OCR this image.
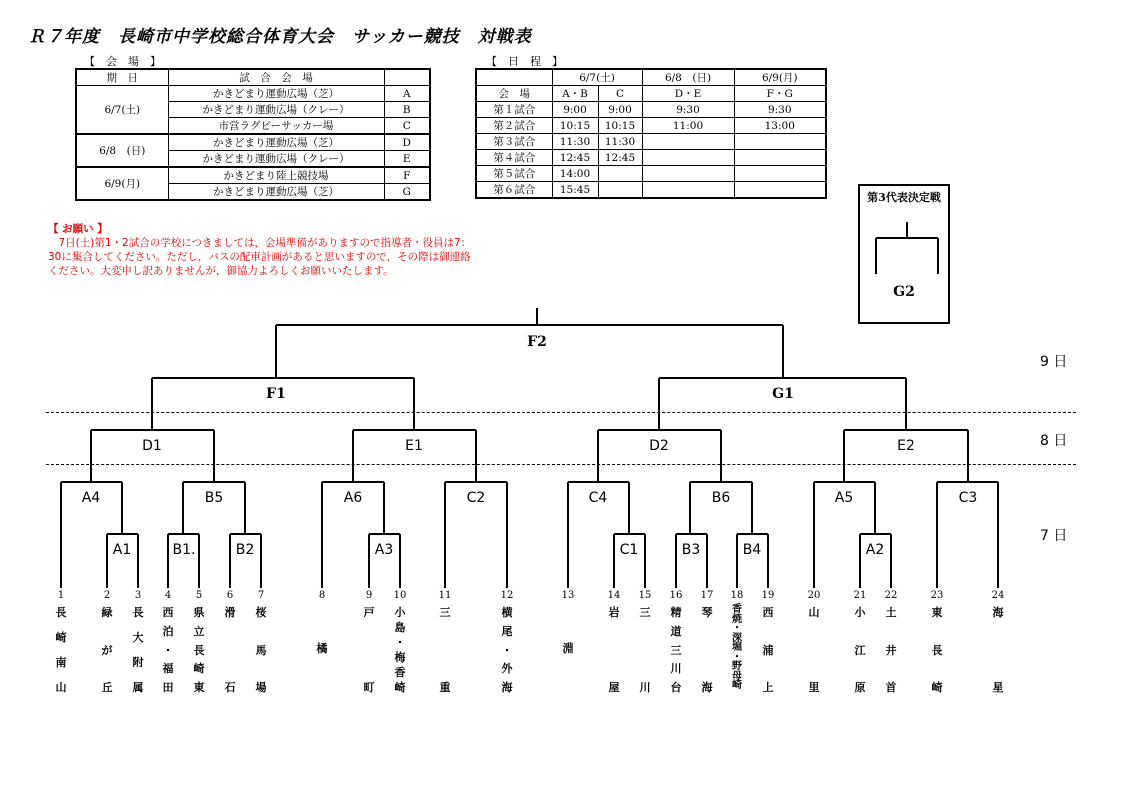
Ｒ７年度　長崎市中学校総合体育大会　サッカー競技　対戦表
【　会　場　】	【　日　程　】
期　日	試　合　会　場	
6/7(土)	かきどまり運動広場（芝）	A
	かきどまり運動広場（クレー）	B
	市営ラグビーサッカー場	C
6/8　(日)	かきどまり運動広場（芝）	D
	かきどまり運動広場（クレー）	E
6/9(月)	かきどまり陸上競技場	F
	かきどまり運動広場（芝）	G
	6/7(土)		6/8　(日)	6/9(月)
会　場	A・B	C	D・E	F・G
第１試合	9:00	9:00	9:30	9:30
第２試合	10:15	10:15	11:00	13:00
第３試合	11:30	11:30		
第４試合	12:45	12:45		
第５試合	14:00			
第６試合	15:45			
【 お願い 】
　7日(土)第1・2試合の学校につきましては，会場準備がありますので指導者・役員は7：30に集合してください。ただし，バスの配車計画があると思いますので，その際は御連絡ください。大変申し訳ありませんが，御協力よろしくお願いいたします。
第3代表決定戦
G2
9 日
8 日
7 日
F2
F1	G1
D1	E1	D2	E2
A4	B5	A6	C2	C4	B6	A5	C3
A1	B1.	B2	A3	C1	B3	B4	A2
1
長
崎
南
山
2
緑
が
丘
3
長
大
附
属
4
西
泊
・
福
田
5
県
立
長
崎
東
6
滑
石
7
桜
馬
場
8
橘
9
戸
町
10
小
島
・
梅
香
崎
11
三
重
12
横
尾
・
外
海
13
淵
14
岩
屋
15
三
川
16
精
道
三
川
台
17
琴
海
18
香
焼
・
深
堀
・
野
母
崎
19
西
浦
上
20
山
里
21
小
江
原
22
土
井
首
23
東
長
崎
24
海
星
